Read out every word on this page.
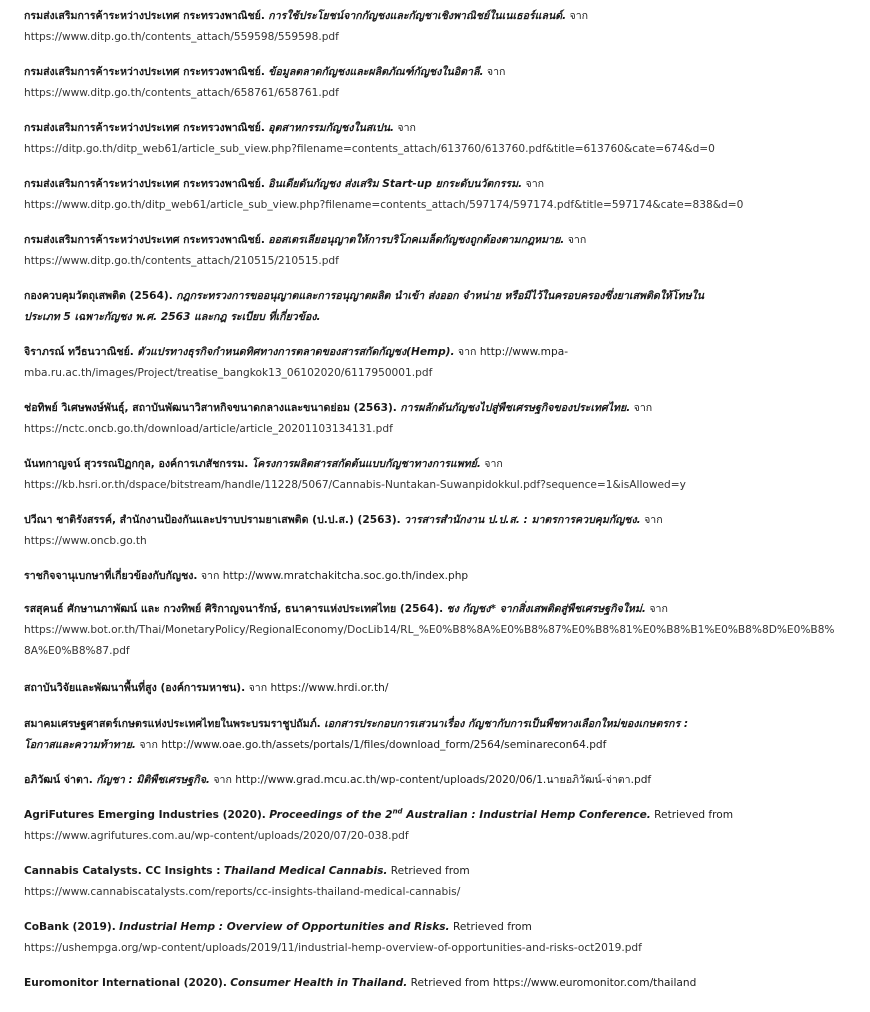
กรมส่งเสริมการค้าระหว่างประเทศ กระทรวงพาณิชย์. การใช้ประโยชน์จากกัญชงและกัญชาเชิงพาณิชย์ในเนเธอร์แลนด์. จาก
https://www.ditp.go.th/contents_attach/559598/559598.pdf
กรมส่งเสริมการค้าระหว่างประเทศ กระทรวงพาณิชย์. ข้อมูลตลาดกัญชงและผลิตภัณฑ์กัญชงในอิตาลี. จาก
https://www.ditp.go.th/contents_attach/658761/658761.pdf
กรมส่งเสริมการค้าระหว่างประเทศ กระทรวงพาณิชย์. อุตสาหกรรมกัญชงในสเปน. จาก
https://ditp.go.th/ditp_web61/article_sub_view.php?filename=contents_attach/613760/613760.pdf&title=613760&cate=674&d=0
กรมส่งเสริมการค้าระหว่างประเทศ กระทรวงพาณิชย์. อินเดียดันกัญชง ส่งเสริม Start-up ยกระดับนวัตกรรม. จาก
https://www.ditp.go.th/ditp_web61/article_sub_view.php?filename=contents_attach/597174/597174.pdf&title=597174&cate=838&d=0
กรมส่งเสริมการค้าระหว่างประเทศ กระทรวงพาณิชย์. ออสเตรเลียอนุญาตให้การบริโภคเมล็ดกัญชงถูกต้องตามกฎหมาย. จาก
https://www.ditp.go.th/contents_attach/210515/210515.pdf
กองควบคุมวัตถุเสพติด (2564). กฎกระทรวงการขออนุญาตและการอนุญาตผลิต นำเข้า ส่งออก จำหน่าย หรือมีไว้ในครอบครองซึ่งยาเสพติดให้โทษใน
ประเภท 5 เฉพาะกัญชง พ.ศ. 2563 และกฎ ระเบียบ ที่เกี่ยวข้อง.
จิราภรณ์ ทวีธนวาณิชย์. ตัวแปรทางธุรกิจกำหนดทิศทางการตลาดของสารสกัดกัญชง(Hemp). จาก http://www.mpa-
mba.ru.ac.th/images/Project/treatise_bangkok13_06102020/6117950001.pdf
ช่อทิพย์ วิเศษพงษ์พันธุ์, สถาบันพัฒนาวิสาหกิจขนาดกลางและขนาดย่อม (2563). การผลักดันกัญชงไปสู่พืชเศรษฐกิจของประเทศไทย. จาก
https://nctc.oncb.go.th/download/article/article_20201103134131.pdf
นันทกาญจน์ สุวรรณปิฏกกุล, องค์การเภสัชกรรม. โครงการผลิตสารสกัดต้นแบบกัญชาทางการแพทย์. จาก
https://kb.hsri.or.th/dspace/bitstream/handle/11228/5067/Cannabis-Nuntakan-Suwanpidokkul.pdf?sequence=1&isAllowed=y
ปวีณา ชาติรังสรรค์, สำนักงานป้องกันและปราบปรามยาเสพติด (ป.ป.ส.) (2563). วารสารสำนักงาน ป.ป.ส. : มาตรการควบคุมกัญชง. จาก
https://www.oncb.go.th
ราชกิจจานุเบกษาที่เกี่ยวข้องกับกัญชง. จาก http://www.mratchakitcha.soc.go.th/index.php
รสสุคนธ์ ศักษานภาพัฒน์ และ กวงทิพย์ ศิริกาญจนารักษ์, ธนาคารแห่งประเทศไทย (2564). ชง กัญชง* จากสิ่งเสพติดสู่พืชเศรษฐกิจใหม่. จาก
https://www.bot.or.th/Thai/MonetaryPolicy/RegionalEconomy/DocLib14/RL_%E0%B8%8A%E0%B8%87%E0%B8%81%E0%B8%B1%E0%B8%8D%E0%B8%
8A%E0%B8%87.pdf
สถาบันวิจัยและพัฒนาพื้นที่สูง (องค์การมหาชน). จาก https://www.hrdi.or.th/
สมาคมเศรษฐศาสตร์เกษตรแห่งประเทศไทยในพระบรมราชูปถัมภ์. เอกสารประกอบการเสวนาเรื่อง กัญชากับการเป็นพืชทางเลือกใหม่ของเกษตรกร :
โอกาสและความท้าทาย. จาก http://www.oae.go.th/assets/portals/1/files/download_form/2564/seminarecon64.pdf
อภิวัฒน์ จ่าตา. กัญชา : มิติพืชเศรษฐกิจ. จาก http://www.grad.mcu.ac.th/wp-content/uploads/2020/06/1.นายอภิวัฒน์-จ่าตา.pdf
AgriFutures Emerging Industries (2020). Proceedings of the 2nd Australian : Industrial Hemp Conference. Retrieved from
https://www.agrifutures.com.au/wp-content/uploads/2020/07/20-038.pdf
Cannabis Catalysts. CC Insights : Thailand Medical Cannabis. Retrieved from
https://www.cannabiscatalysts.com/reports/cc-insights-thailand-medical-cannabis/
CoBank (2019). Industrial Hemp : Overview of Opportunities and Risks. Retrieved from
https://ushempga.org/wp-content/uploads/2019/11/industrial-hemp-overview-of-opportunities-and-risks-oct2019.pdf
Euromonitor International (2020). Consumer Health in Thailand. Retrieved from https://www.euromonitor.com/thailand
